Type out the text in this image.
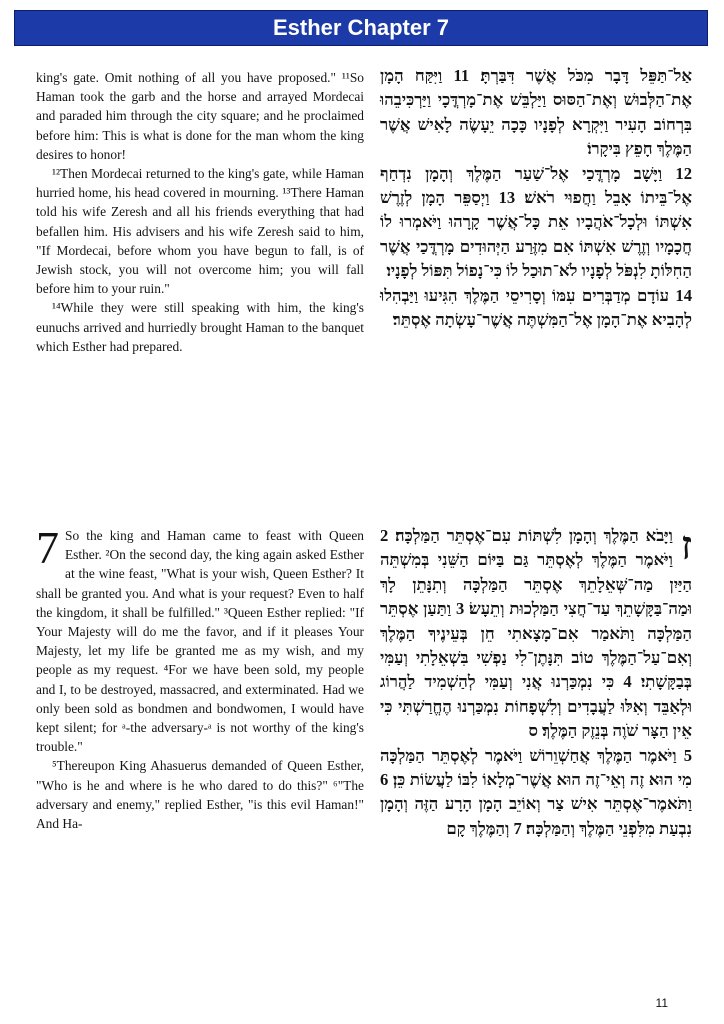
Esther Chapter 7

king's gate. Omit nothing of all you have proposed." ¹¹So Haman took the garb and the horse and arrayed Mordecai and paraded him through the city square; and he proclaimed before him: This is what is done for the man whom the king desires to honor!

¹²Then Mordecai returned to the king's gate, while Haman hurried home, his head covered in mourning. ¹³There Haman told his wife Zeresh and all his friends everything that had befallen him. His advisers and his wife Zeresh said to him, "If Mordecai, before whom you have begun to fall, is of Jewish stock, you will not overcome him; you will fall before him to your ruin."

¹⁴While they were still speaking with him, the king's eunuchs arrived and hurriedly brought Haman to the banquet which Esther had prepared.

אַל־תַּפֵּל דָּבָר מִכֹּל אֲשֶׁר דִּבַּרְתָּ׃ 11 וַיִּקַּח הָמָן אֶת־הַלְּבוּשׁ וְאֶת־הַסּוּס וַיַּלְבֵּשׁ אֶת־מָרְדֳּכָי וַיַּרְכִּיבֵהוּ בִּרְחוֹב הָעִיר וַיִּקְרָא לְפָנָיו כָּכָה יֵעָשֶׂה לָאִישׁ אֲשֶׁר הַמֶּלֶךְ חָפֵץ בִּיקָרוֹ׃

12 וַיָּשָׁב מָרְדֳּכַי אֶל־שַׁעַר הַמֶּלֶךְ וְהָמָן נִדְחַף אֶל־בֵּיתוֹ אָבֵל וַחֲפוּי רֹאשׁ׃ 13 וַיְסַפֵּר הָמָן לְזֶרֶשׁ אִשְׁתּוֹ וּלְכָל־אֹהֲבָיו אֵת כָּל־אֲשֶׁר קָרָהוּ וַיֹּאמְרוּ לוֹ חֲכָמָיו וְזֶרֶשׁ אִשְׁתּוֹ אִם מִזֶּרַע הַיְּהוּדִים מָרְדֳּכַי אֲשֶׁר הַחִלּוֹתָ לִנְפֹּל לְפָנָיו לֹא־תוּכַל לוֹ כִּי־נָפוֹל תִּפּוֹל לְפָנָיו׃

14 עוֹדָם מְדַבְּרִים עִמּוֹ וְסָרִיסֵי הַמֶּלֶךְ הִגִּיעוּ וַיַּבְהִלוּ לְהָבִיא אֶת־הָמָן אֶל־הַמִּשְׁתֶּה אֲשֶׁר־עָשְׂתָה אֶסְתֵּר׃

7 So the king and Haman came to feast with Queen Esther. ²On the second day, the king again asked Esther at the wine feast, "What is your wish, Queen Esther? It shall be granted you. And what is your request? Even to half the kingdom, it shall be fulfilled." ³Queen Esther replied: "If Your Majesty will do me the favor, and if it pleases Your Majesty, let my life be granted me as my wish, and my people as my request. ⁴For we have been sold, my people and I, to be destroyed, massacred, and exterminated. Had we only been sold as bondmen and bondwomen, I would have kept silent; for ᵃ-the adversary-ᵃ is not worthy of the king's trouble."

⁵Thereupon King Ahasuerus demanded of Queen Esther, "Who is he and where is he who dared to do this?" ⁶"The adversary and enemy," replied Esther, "is this evil Haman!" And Ha-

ז

וַיָּבֹא הַמֶּלֶךְ וְהָמָן לִשְׁתּוֹת עִם־אֶסְתֵּר הַמַּלְכָּה׃ 2 וַיֹּאמֶר הַמֶּלֶךְ לְאֶסְתֵּר גַּם בַּיּוֹם הַשֵּׁנִי בְּמִשְׁתֵּה הַיַּיִן מַה־שְּׁאֵלָתֵךְ אֶסְתֵּר הַמַּלְכָּה וְתִנָּתֵן לָךְ וּמַה־בַּקָּשָׁתֵךְ עַד־חֲצִי הַמַּלְכוּת וְתֵעָשׂ׃ 3 וַתַּעַן אֶסְתֵּר הַמַּלְכָּה וַתֹּאמַר אִם־מָצָאתִי חֵן בְּעֵינֶיךָ הַמֶּלֶךְ וְאִם־עַל־הַמֶּלֶךְ טוֹב תִּנָּתֶן־לִי נַפְשִׁי בִּשְׁאֵלָתִי וְעַמִּי בְּבַקָּשָׁתִי׃ 4 כִּי נִמְכַּרְנוּ אֲנִי וְעַמִּי לְהַשְׁמִיד לַהֲרוֹג וּלְאַבֵּד וְאִלּוּ לַעֲבָדִים וְלִשְׁפָחוֹת נִמְכַּרְנוּ הֶחֱרַשְׁתִּי כִּי אֵין הַצָּר שֹׁוֶה בְּנֵזֶק הַמֶּלֶךְ׃ ס

5 וַיֹּאמֶר הַמֶּלֶךְ אֲחַשְׁוֵרוֹשׁ וַיֹּאמֶר לְאֶסְתֵּר הַמַּלְכָּה מִי הוּא זֶה וְאֵי־זֶה הוּא אֲשֶׁר־מְלָאוֹ לִבּוֹ לַעֲשׂוֹת כֵּן׃ 6 וַתֹּאמֶר־אֶסְתֵּר אִישׁ צַר וְאוֹיֵב הָמָן הָרָע הַזֶּה וְהָמָן נִבְעַת מִלִּפְנֵי הַמֶּלֶךְ וְהַמַּלְכָּה׃ 7 וְהַמֶּלֶךְ קָם

11
